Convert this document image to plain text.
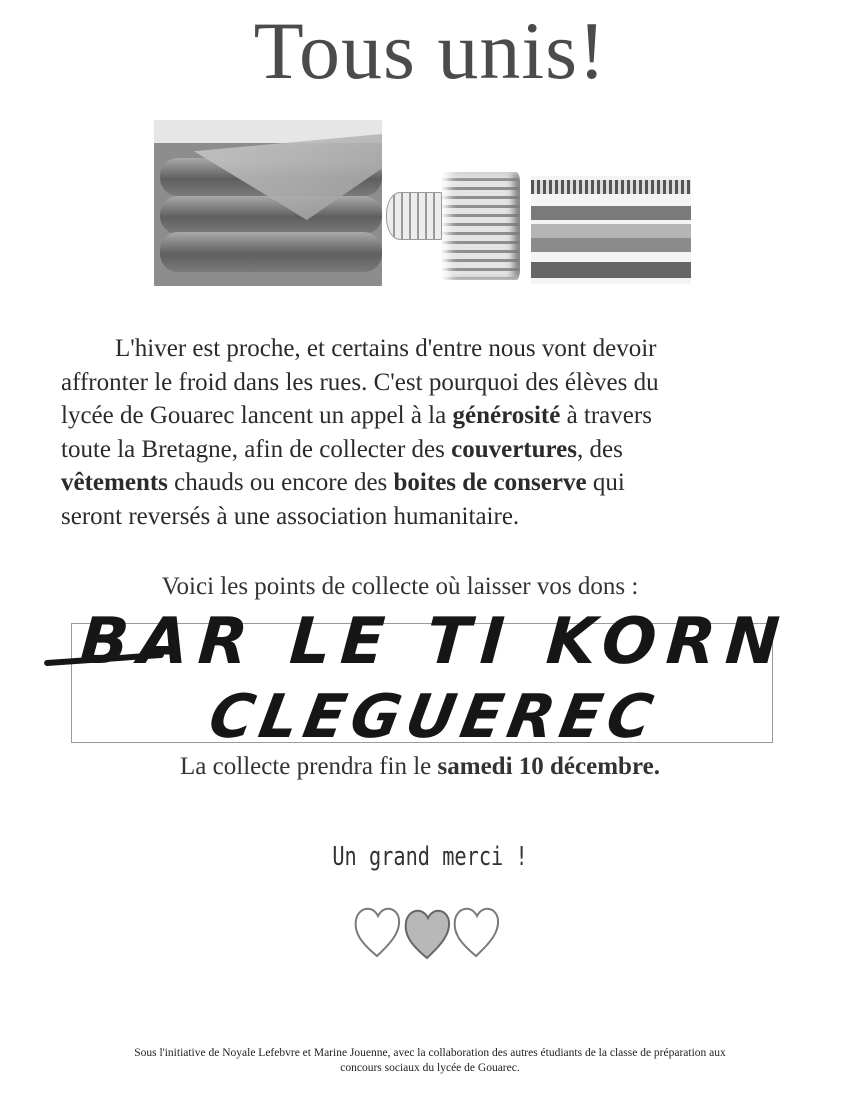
Tous unis!
L'hiver est proche, et certains d'entre nous vont devoir
affronter le froid dans les rues. C'est pourquoi des élèves du
lycée de Gouarec lancent un appel à la générosité à travers
toute la Bretagne, afin de collecter des couvertures, des
vêtements chauds ou encore des boites de conserve qui
seront reversés à une association humanitaire.
Voici les points de collecte où laisser vos dons :
BAR LE TI KORN
CLEGUEREC
La collecte prendra fin le samedi 10 décembre.
Un grand merci !
Sous l'initiative de Noyale Lefebvre et Marine Jouenne, avec la collaboration des autres étudiants de la classe de préparation aux
concours sociaux du lycée de Gouarec.
